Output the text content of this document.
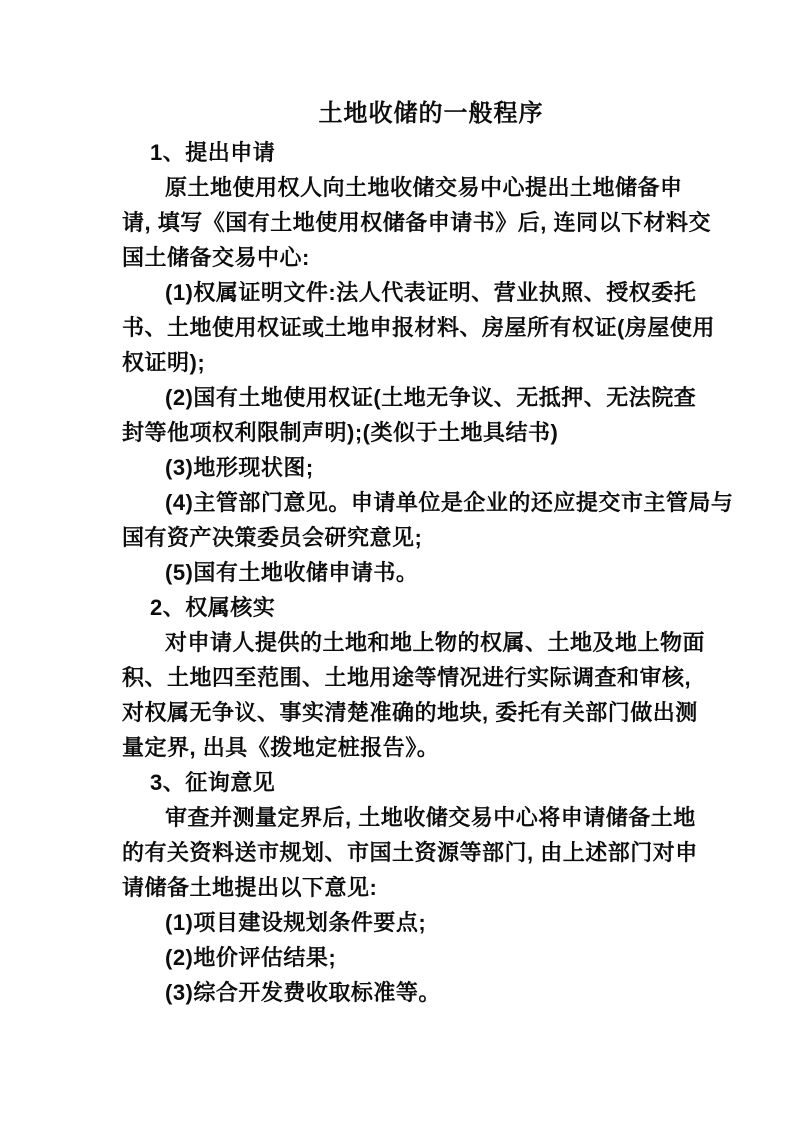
土地收储的一般程序
1、提出申请
原土地使用权人向土地收储交易中心提出土地储备申
请, 填写《国有土地使用权储备申请书》后, 连同以下材料交
国土储备交易中心:
(1)权属证明文件:法人代表证明、营业执照、授权委托
书、土地使用权证或土地申报材料、房屋所有权证(房屋使用
权证明);
(2)国有土地使用权证(土地无争议、无抵押、无法院查
封等他项权利限制声明);(类似于土地具结书)
(3)地形现状图;
(4)主管部门意见。申请单位是企业的还应提交市主管局与
国有资产决策委员会研究意见;
(5)国有土地收储申请书。
2、权属核实
对申请人提供的土地和地上物的权属、土地及地上物面
积、土地四至范围、土地用途等情况进行实际调查和审核,
对权属无争议、事实清楚准确的地块, 委托有关部门做出测
量定界, 出具《拨地定桩报告》。
3、征询意见
审查并测量定界后, 土地收储交易中心将申请储备土地
的有关资料送市规划、市国土资源等部门, 由上述部门对申
请储备土地提出以下意见:
(1)项目建设规划条件要点;
(2)地价评估结果;
(3)综合开发费收取标准等。
